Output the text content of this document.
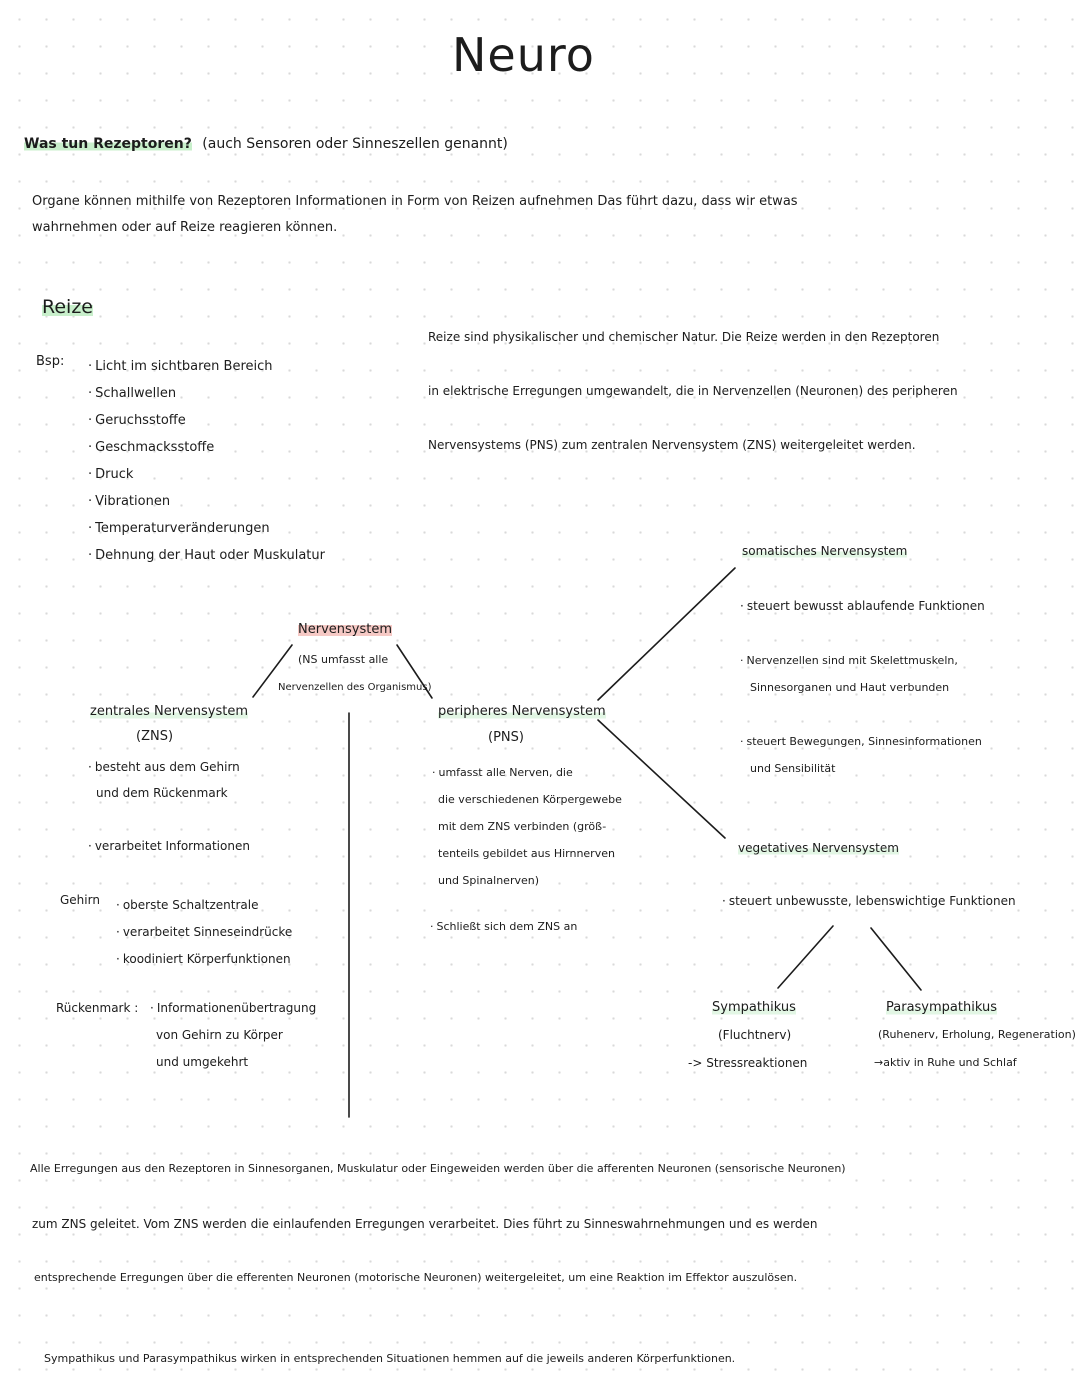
Neuro
Was tun Rezeptoren? (auch Sensoren oder Sinneszellen genannt)
Organe können mithilfe von Rezeptoren Informationen in Form von Reizen aufnehmen Das führt dazu, dass wir etwas
wahrnehmen oder auf Reize reagieren können.
Reize
Bsp:	· Licht im sichtbaren Bereich
· Schallwellen
· Geruchsstoffe
· Geschmacksstoffe
· Druck
· Vibrationen
· Temperaturveränderungen
· Dehnung der Haut oder Muskulatur
Reize sind physikalischer und chemischer Natur. Die Reize werden in den Rezeptoren
in elektrische Erregungen umgewandelt, die in Nervenzellen (Neuronen) des peripheren
Nervensystems (PNS) zum zentralen Nervensystem (ZNS) weitergeleitet werden.
Nervensystem
(NS umfasst alle
Nervenzellen des Organismus)
zentrales Nervensystem
(ZNS)
· besteht aus dem Gehirn
und dem Rückenmark
· verarbeitet Informationen
Gehirn	· oberste Schaltzentrale
· verarbeitet Sinneseindrücke
· koodiniert Körperfunktionen
Rückenmark :	· Informationenübertragung
von Gehirn zu Körper
und umgekehrt
peripheres Nervensystem
(PNS)
· umfasst alle Nerven, die
die verschiedenen Körpergewebe
mit dem ZNS verbinden (größ-
tenteils gebildet aus Hirnnerven
und Spinalnerven)
· Schließt sich dem ZNS an
somatisches Nervensystem
· steuert bewusst ablaufende Funktionen
· Nervenzellen sind mit Skelettmuskeln,
Sinnesorganen und Haut verbunden
· steuert Bewegungen, Sinnesinformationen
und Sensibilität
vegetatives Nervensystem
· steuert unbewusste, lebenswichtige Funktionen
Sympathikus
(Fluchtnerv)
-> Stressreaktionen
Parasympathikus
(Ruhenerv, Erholung, Regeneration)
→aktiv in Ruhe und Schlaf
Alle Erregungen aus den Rezeptoren in Sinnesorganen, Muskulatur oder Eingeweiden werden über die afferenten Neuronen (sensorische Neuronen)
zum ZNS geleitet. Vom ZNS werden die einlaufenden Erregungen verarbeitet. Dies führt zu Sinneswahrnehmungen und es werden
entsprechende Erregungen über die efferenten Neuronen (motorische Neuronen) weitergeleitet, um eine Reaktion im Effektor auszulösen.
Sympathikus und Parasympathikus wirken in entsprechenden Situationen hemmen auf die jeweils anderen Körperfunktionen.
